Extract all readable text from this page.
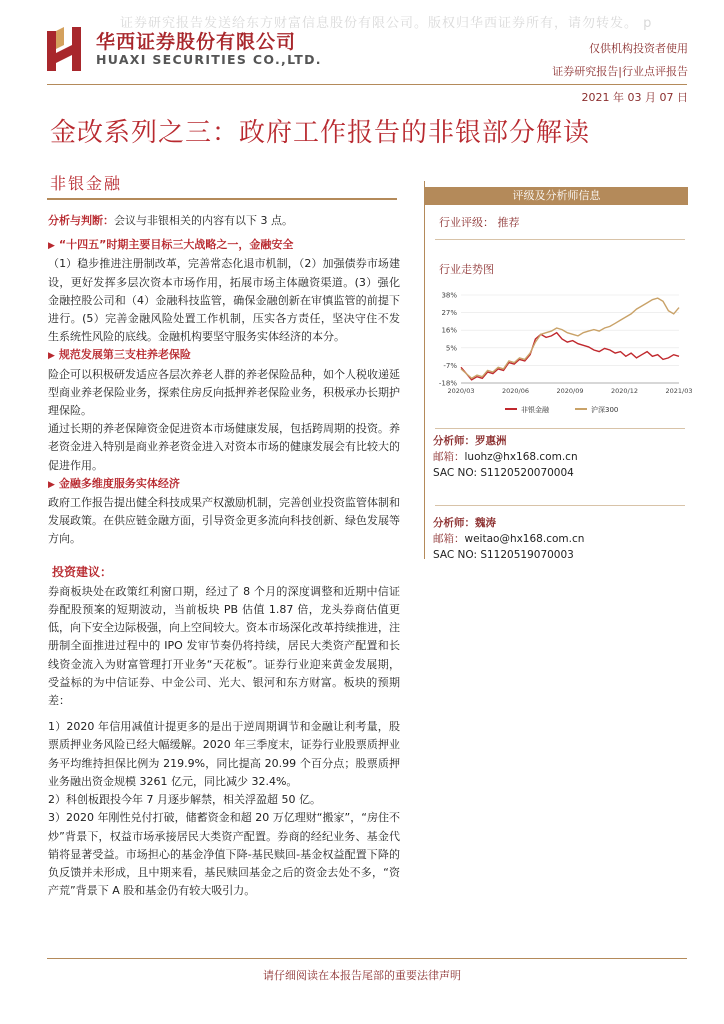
证券研究报告发送给东方财富信息股份有限公司。版权归华西证券所有，请勿转发。 p
华西证券股份有限公司
HUAXI SECURITIES CO.,LTD.
仅供机构投资者使用
证券研究报告|行业点评报告
2021 年 03 月 07 日
金改系列之三：政府工作报告的非银部分解读
非银金融

分析与判断：会议与非银相关的内容有以下 3 点。

▶ “十四五”时期主要目标三大战略之一，金融安全

（1）稳步推进注册制改革，完善常态化退市机制，（2）加强债券市场建设，更好发挥多层次资本市场作用，拓展市场主体融资渠道。(3）强化金融控股公司和（4）金融科技监管，确保金融创新在审慎监管的前提下进行。(5）完善金融风险处置工作机制，压实各方责任，坚决守住不发生系统性风险的底线。金融机构要坚守服务实体经济的本分。

▶ 规范发展第三支柱养老保险

险企可以积极研发适应各层次养老人群的养老保险品种，如个人税收递延型商业养老保险业务，探索住房反向抵押养老保险业务，积极承办长期护理保险。

通过长期的养老保障资金促进资本市场健康发展，包括跨周期的投资。养老资金进入特别是商业养老资金进入对资本市场的健康发展会有比较大的促进作用。

▶ 金融多维度服务实体经济

政府工作报告提出健全科技成果产权激励机制，完善创业投资监管体制和发展政策。在供应链金融方面，引导资金更多流向科技创新、绿色发展等方向。

投资建议：

券商板块处在政策红利窗口期，经过了 8 个月的深度调整和近期中信证券配股预案的短期波动，当前板块 PB 估值 1.87 倍，龙头券商估值更低，向下安全边际极强，向上空间较大。资本市场深化改革持续推进，注册制全面推进过程中的 IPO 发审节奏仍将持续，居民大类资产配置和长线资金流入为财富管理打开业务“天花板”。证券行业迎来黄金发展期，受益标的为中信证券、中金公司、光大、银河和东方财富。板块的预期差：

1）2020 年信用减值计提更多的是出于逆周期调节和金融让利考量，股票质押业务风险已经大幅缓解。2020 年三季度末，证券行业股票质押业务平均维持担保比例为 219.9%，同比提高 20.99 个百分点；股票质押业务融出资金规模 3261 亿元，同比减少 32.4%。

2）科创板跟投今年 7 月逐步解禁，相关浮盈超 50 亿。

3）2020 年刚性兑付打破，储蓄资金和超 20 万亿理财“搬家”，“房住不炒”背景下，权益市场承接居民大类资产配置。券商的经纪业务、基金代销将显著受益。市场担心的基金净值下降-基民赎回-基金权益配置下降的负反馈并未形成，且中期来看，基民赎回基金之后的资金去处不多，“资产荒”背景下 A 股和基金仍有较大吸引力。

评级及分析师信息
行业评级： 推荐
行业走势图
38%
27%
16%
5%
-7%
-18%
2020/03	2020/06	2020/09	2020/12	2021/03
非银金融	沪深300
分析师：罗惠洲
邮箱：luohz@hx168.com.cn
SAC NO: S1120520070004
分析师：魏涛
邮箱：weitao@hx168.com.cn
SAC NO: S1120519070003
请仔细阅读在本报告尾部的重要法律声明
